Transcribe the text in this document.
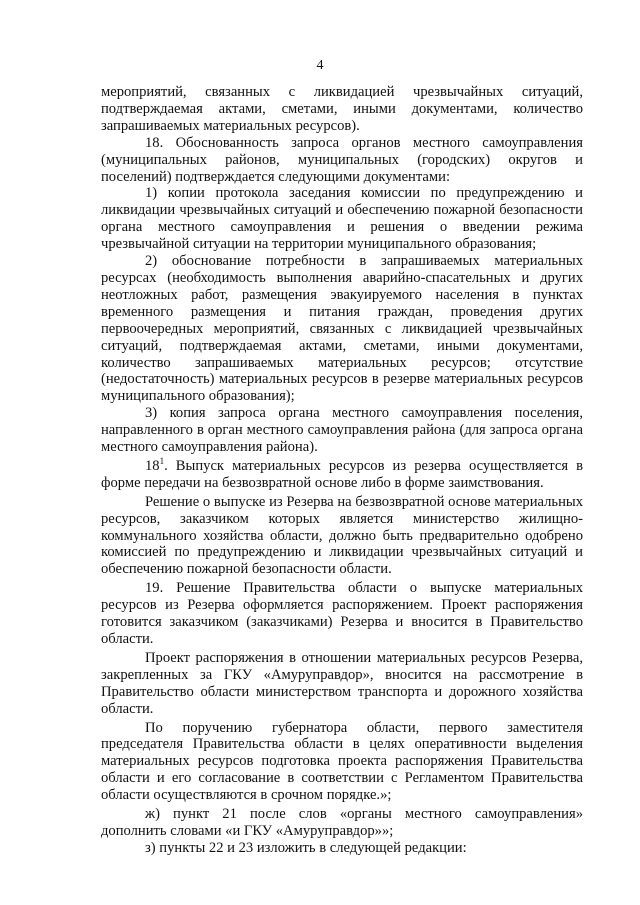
4

мероприятий, связанных с ликвидацией чрезвычайных ситуаций, подтверждаемая актами, сметами, иными документами, количество запрашиваемых материальных ресурсов).

18. Обоснованность запроса органов местного самоуправления (муниципальных районов, муниципальных (городских) округов и поселений) подтверждается следующими документами:

1) копии протокола заседания комиссии по предупреждению и ликвидации чрезвычайных ситуаций и обеспечению пожарной безопасности органа местного самоуправления и решения о введении режима чрезвычайной ситуации на территории муниципального образования;

2) обоснование потребности в запрашиваемых материальных ресурсах (необходимость выполнения аварийно-спасательных и других неотложных работ, размещения эвакуируемого населения в пунктах временного размещения и питания граждан, проведения других первоочередных мероприятий, связанных с ликвидацией чрезвычайных ситуаций, подтверждаемая актами, сметами, иными документами, количество запрашиваемых материальных ресурсов; отсутствие (недостаточность) материальных ресурсов в резерве материальных ресурсов муниципального образования);

3) копия запроса органа местного самоуправления поселения, направленного в орган местного самоуправления района (для запроса органа местного самоуправления района).

$18^1$. Выпуск материальных ресурсов из резерва осуществляется в форме передачи на безвозвратной основе либо в форме заимствования.

Решение о выпуске из Резерва на безвозвратной основе материальных ресурсов, заказчиком которых является министерство жилищно-коммунального хозяйства области, должно быть предварительно одобрено комиссией по предупреждению и ликвидации чрезвычайных ситуаций и обеспечению пожарной безопасности области.

19. Решение Правительства области о выпуске материальных ресурсов из Резерва оформляется распоряжением. Проект распоряжения готовится заказчиком (заказчиками) Резерва и вносится в Правительство области.

Проект распоряжения в отношении материальных ресурсов Резерва, закрепленных за ГКУ «Амуруправдор», вносится на рассмотрение в Правительство области министерством транспорта и дорожного хозяйства области.

По поручению губернатора области, первого заместителя председателя Правительства области в целях оперативности выделения материальных ресурсов подготовка проекта распоряжения Правительства области и его согласование в соответствии с Регламентом Правительства области осуществляются в срочном порядке.»;

ж) пункт 21 после слов «органы местного самоуправления» дополнить словами «и ГКУ «Амуруправдор»»;

з) пункты 22 и 23 изложить в следующей редакции:
